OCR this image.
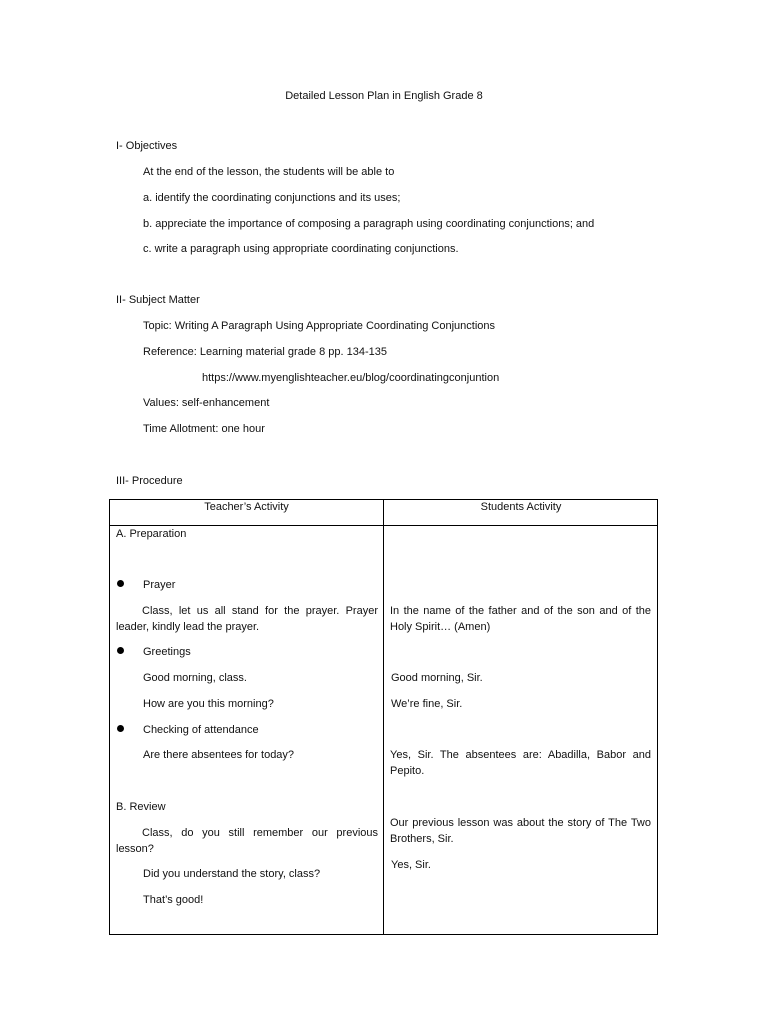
Detailed Lesson Plan in English Grade 8
I- Objectives
At the end of the lesson, the students will be able to
a. identify the coordinating conjunctions and its uses;
b. appreciate the importance of composing a paragraph using coordinating conjunctions; and
c. write a paragraph using appropriate coordinating conjunctions.
II- Subject Matter
Topic: Writing A Paragraph Using Appropriate Coordinating Conjunctions
Reference: Learning material grade 8 pp. 134-135
https://www.myenglishteacher.eu/blog/coordinatingconjuntion
Values: self-enhancement
Time Allotment: one hour
III- Procedure
Teacher’s Activity	Students Activity
A. Preparation
Prayer
Class, let us all stand for the prayer. Prayer leader, kindly lead the prayer.
Greetings
Good morning, class.
How are you this morning?
Checking of attendance
Are there absentees for today?
B. Review
Class, do you still remember our previous lesson?
Did you understand the story, class?
That’s good!
In the name of the father and of the son and of the Holy Spirit… (Amen)
Good morning, Sir.
We’re fine, Sir.
Yes, Sir. The absentees are: Abadilla, Babor and Pepito.
Our previous lesson was about the story of The Two Brothers, Sir.
Yes, Sir.
